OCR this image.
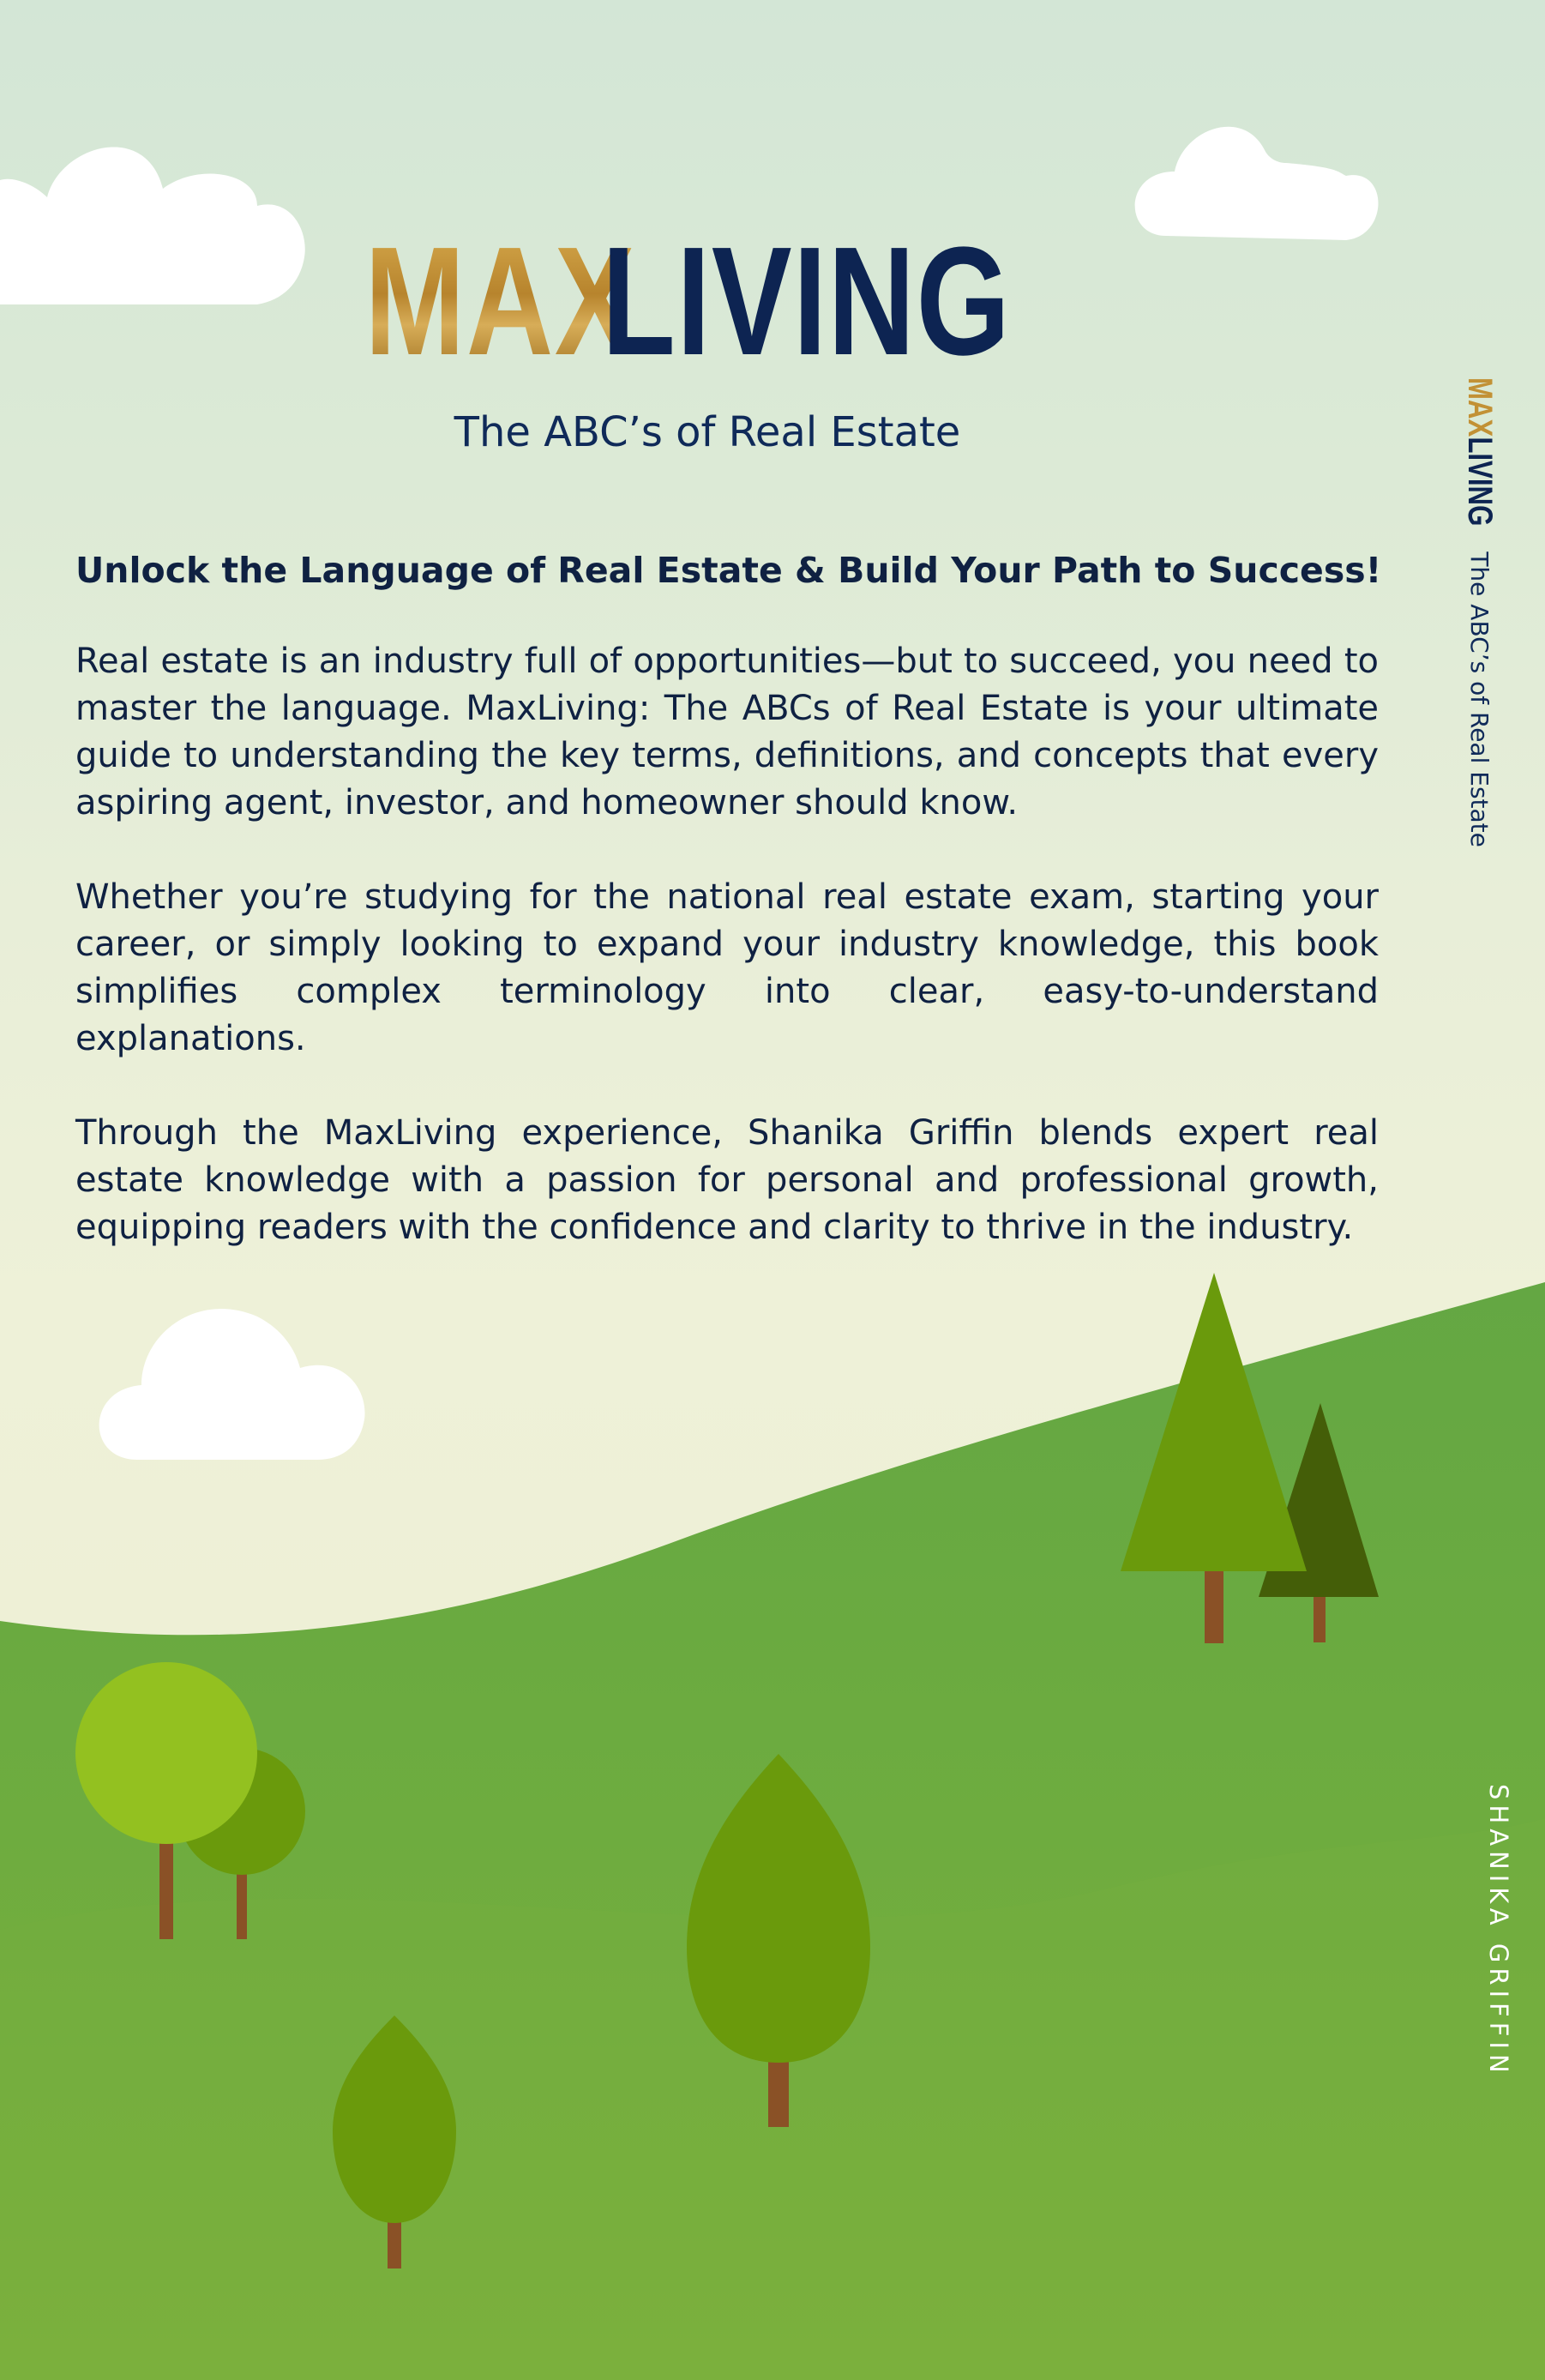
MAXLIVING
The ABC’s of Real Estate
Unlock the Language of Real Estate & Build Your Path to Success!

Real estate is an industry full of opportunities—but to succeed, you need to master the language. MaxLiving: The ABCs of Real Estate is your ultimate guide to understanding the key terms, definitions, and concepts that every aspiring agent, investor, and homeowner should know.

Whether you’re studying for the national real estate exam, starting your career, or simply looking to expand your industry knowledge, this book simplifies complex terminology into clear, easy-to-understand explanations.

Through the MaxLiving experience, Shanika Griffin blends expert real estate knowledge with a passion for personal and professional growth, equipping readers with the confidence and clarity to thrive in the industry.

MAXLIVING The ABC’s of Real Estate
SHANIKA GRIFFIN
